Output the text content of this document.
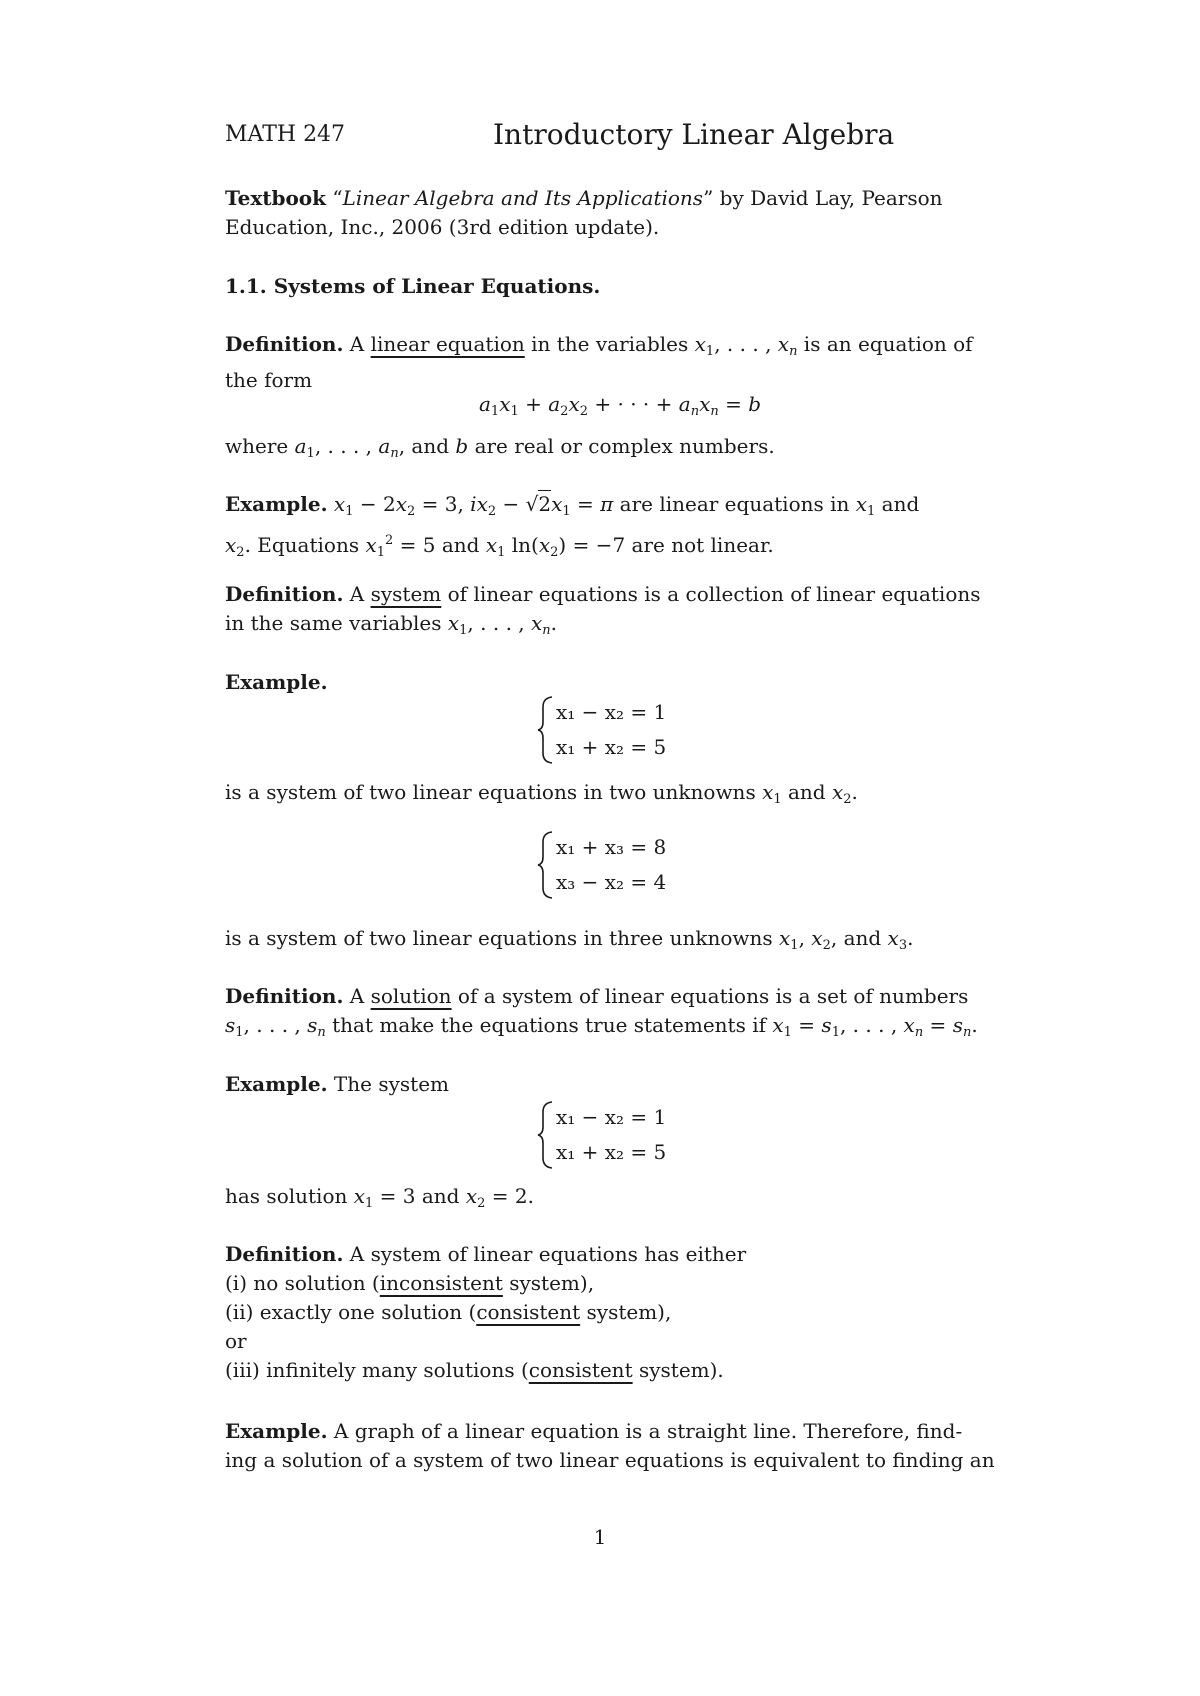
MATH 247	Introductory Linear Algebra
Textbook “Linear Algebra and Its Applications” by David Lay, Pearson
Education, Inc., 2006 (3rd edition update).
1.1. Systems of Linear Equations.
Definition. A linear equation in the variables $x_1$, . . . , $x_n$ is an equation of
the form
$a_1x_1 + a_2x_2$ + · · · + $a_nx_n = b$
where $a_1$, . . . , $a_n$, and b are real or complex numbers.
Example. $x_1 - 2x_2 = 3$, $ix_2 - √2x_1 = \pi$ are linear equations in $x_1$ and
$x_2$. Equations $x_1^2 = 5$ and $x_1$ $\ln(x_2) = -7$ are not linear.
Definition. A system of linear equations is a collection of linear equations
in the same variables $x_1$, . . . , $x_n$.
Example.
x₁ − x₂ = 1
x₁ + x₂ = 5
is a system of two linear equations in two unknowns $x_1$ and $x_2$.
x₁ + x₃ = 8
x₃ − x₂ = 4
is a system of two linear equations in three unknowns $x_1$, $x_2$, and $x_3$.
Definition. A solution of a system of linear equations is a set of numbers
$s_1$, . . . , $s_n$ that make the equations true statements if $x_1 = s_1$, . . . , $x_n = s_n$.
Example. The system
x₁ − x₂ = 1
x₁ + x₂ = 5
has solution $x_1 = 3$ and $x_2 = 2$.
Definition. A system of linear equations has either
(i) no solution (inconsistent system),
(ii) exactly one solution (consistent system),
or
(iii) infinitely many solutions (consistent system).
Example. A graph of a linear equation is a straight line. Therefore, find-
ing a solution of a system of two linear equations is equivalent to finding an
1
